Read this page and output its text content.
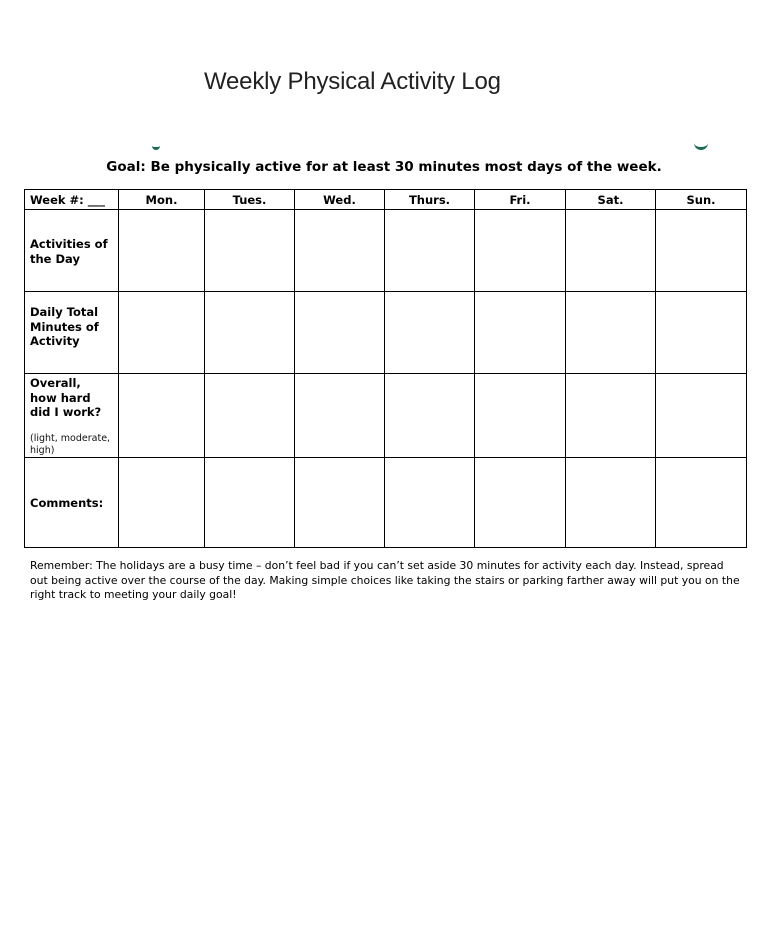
Weekly Physical Activity Log
Goal: Be physically active for at least 30 minutes most days of the week.
Week #: ___	Mon.	Tues.	Wed.	Thurs.	Fri.	Sat.	Sun.

Activities of the Day							

Daily Total Minutes of Activity							

Overall, how hard did I work?
(light, moderate, high)							

Comments:							

Remember: The holidays are a busy time – don’t feel bad if you can’t set aside 30 minutes for activity each day. Instead, spread out being active over the course of the day. Making simple choices like taking the stairs or parking farther away will put you on the right track to meeting your daily goal!
